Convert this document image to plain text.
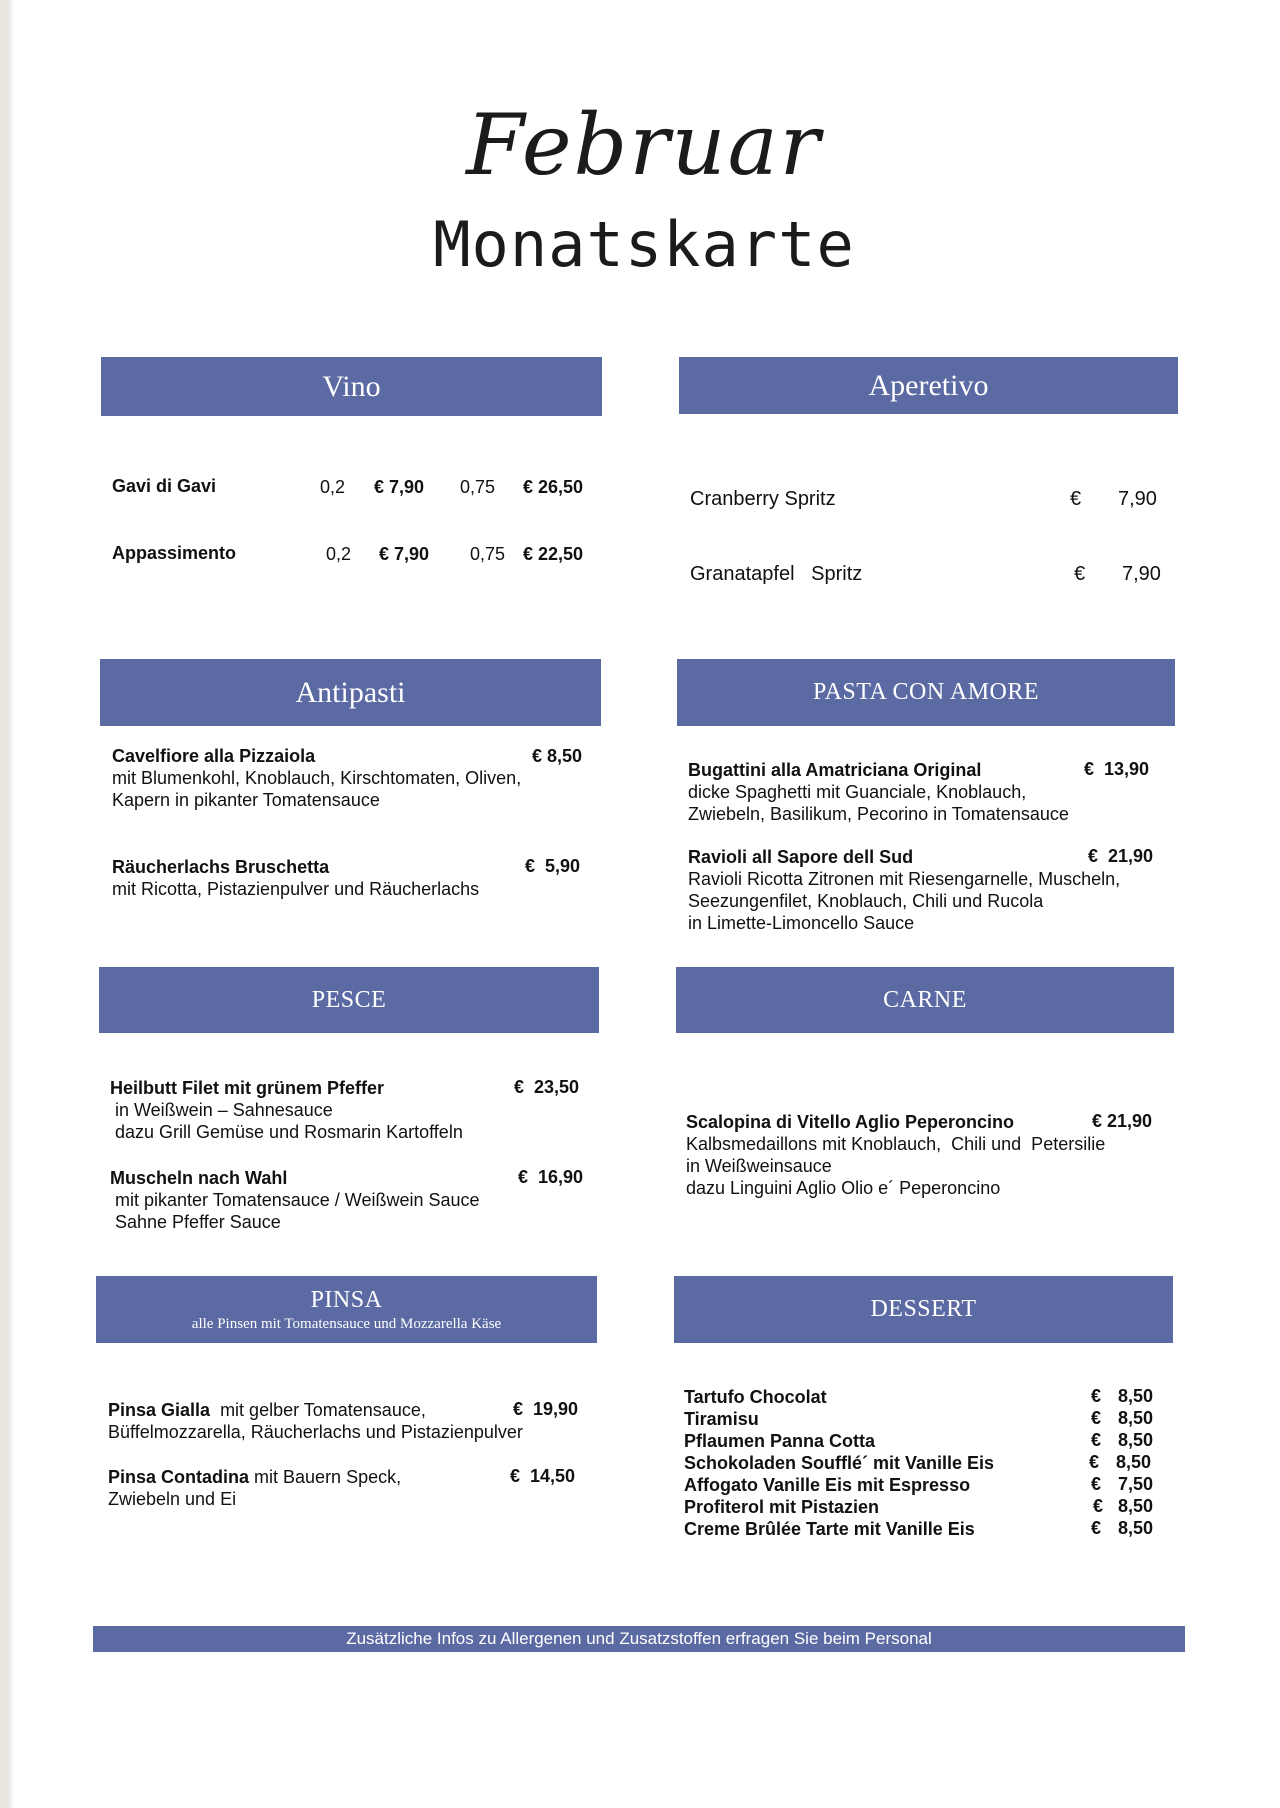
Februar
Monatskarte
Vino
Gavi di Gavi	0,2 € 7,90 0,75 € 26,50
Appassimento	0,2 € 7,90 0,75 € 22,50
Aperetivo
Cranberry Spritz	€ 7,90
Granatapfel   Spritz	€ 7,90
Antipasti
Cavelfiore alla Pizzaiola	€ 8,50
mit Blumenkohl, Knoblauch, Kirschtomaten, Oliven,
Kapern in pikanter Tomatensauce
Räucherlachs Bruschetta	€  5,90
mit Ricotta, Pistazienpulver und Räucherlachs
PASTA CON AMORE
Bugattini alla Amatriciana Original	€  13,90
dicke Spaghetti mit Guanciale, Knoblauch,
Zwiebeln, Basilikum, Pecorino in Tomatensauce
Ravioli all Sapore dell Sud	€  21,90
Ravioli Ricotta Zitronen mit Riesengarnelle, Muscheln,
Seezungenfilet, Knoblauch, Chili und Rucola
in Limette-Limoncello Sauce
PESCE
Heilbutt Filet mit grünem Pfeffer	€  23,50
in Weißwein – Sahnesauce
dazu Grill Gemüse und Rosmarin Kartoffeln
Muscheln nach Wahl	€  16,90
mit pikanter Tomatensauce / Weißwein Sauce
Sahne Pfeffer Sauce
CARNE
Scalopina di Vitello Aglio Peperoncino	€ 21,90
Kalbsmedaillons mit Knoblauch,  Chili und  Petersilie
in Weißweinsauce
dazu Linguini Aglio Olio e´ Peperoncino
PINSA
alle Pinsen mit Tomatensauce und Mozzarella Käse
Pinsa Gialla  mit gelber Tomatensauce,	€  19,90
Büffelmozzarella, Räucherlachs und Pistazienpulver
Pinsa Contadina mit Bauern Speck,	€  14,50
Zwiebeln und Ei
DESSERT
Tartufo Chocolat	€ 8,50
Tiramisu	€ 8,50
Pflaumen Panna Cotta	€ 8,50
Schokoladen Soufflé´ mit Vanille Eis	€ 8,50
Affogato Vanille Eis mit Espresso	€ 7,50
Profiterol mit Pistazien	€ 8,50
Creme Brûlée Tarte mit Vanille Eis	€ 8,50
Zusätzliche Infos zu Allergenen und Zusatzstoffen erfragen Sie beim Personal
